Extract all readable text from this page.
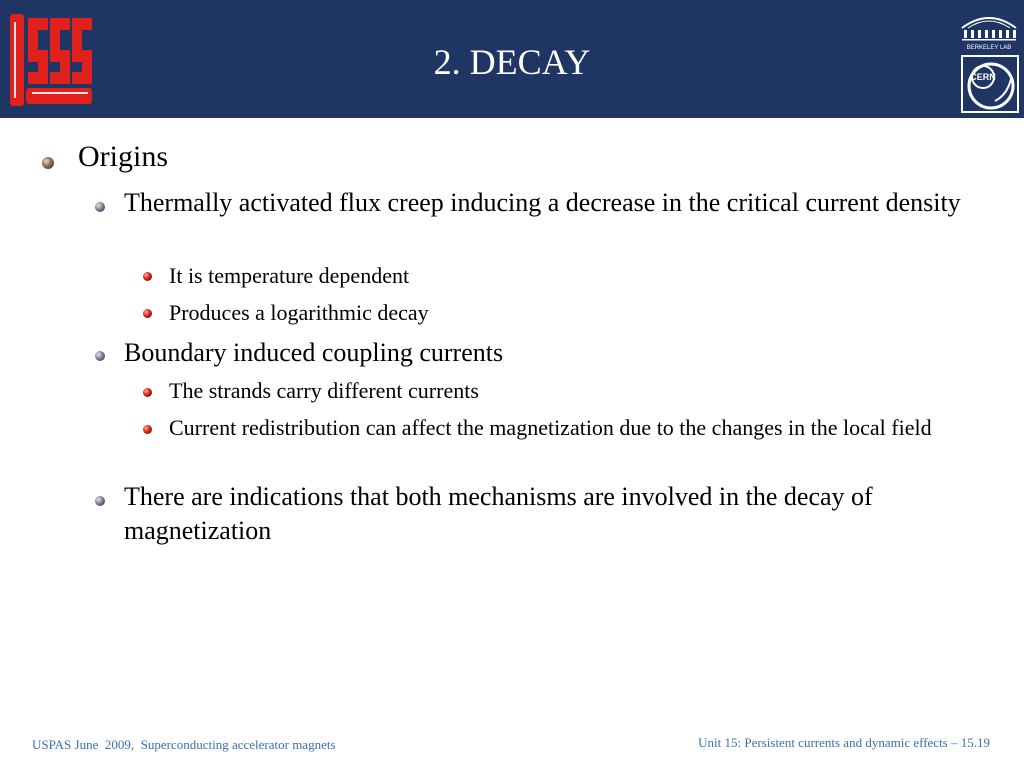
BERKELEY LAB
CERN
2. DECAY
Origins
Thermally activated flux creep inducing a decrease in the critical current density
It is temperature dependent
Produces a logarithmic decay
Boundary induced coupling currents
The strands carry different currents
Current redistribution can affect the magnetization due to the changes in the local field
There are indications that both mechanisms are involved in the decay of magnetization
USPAS June  2009,  Superconducting accelerator magnets	Unit 15: Persistent currents and dynamic effects – 15.19
